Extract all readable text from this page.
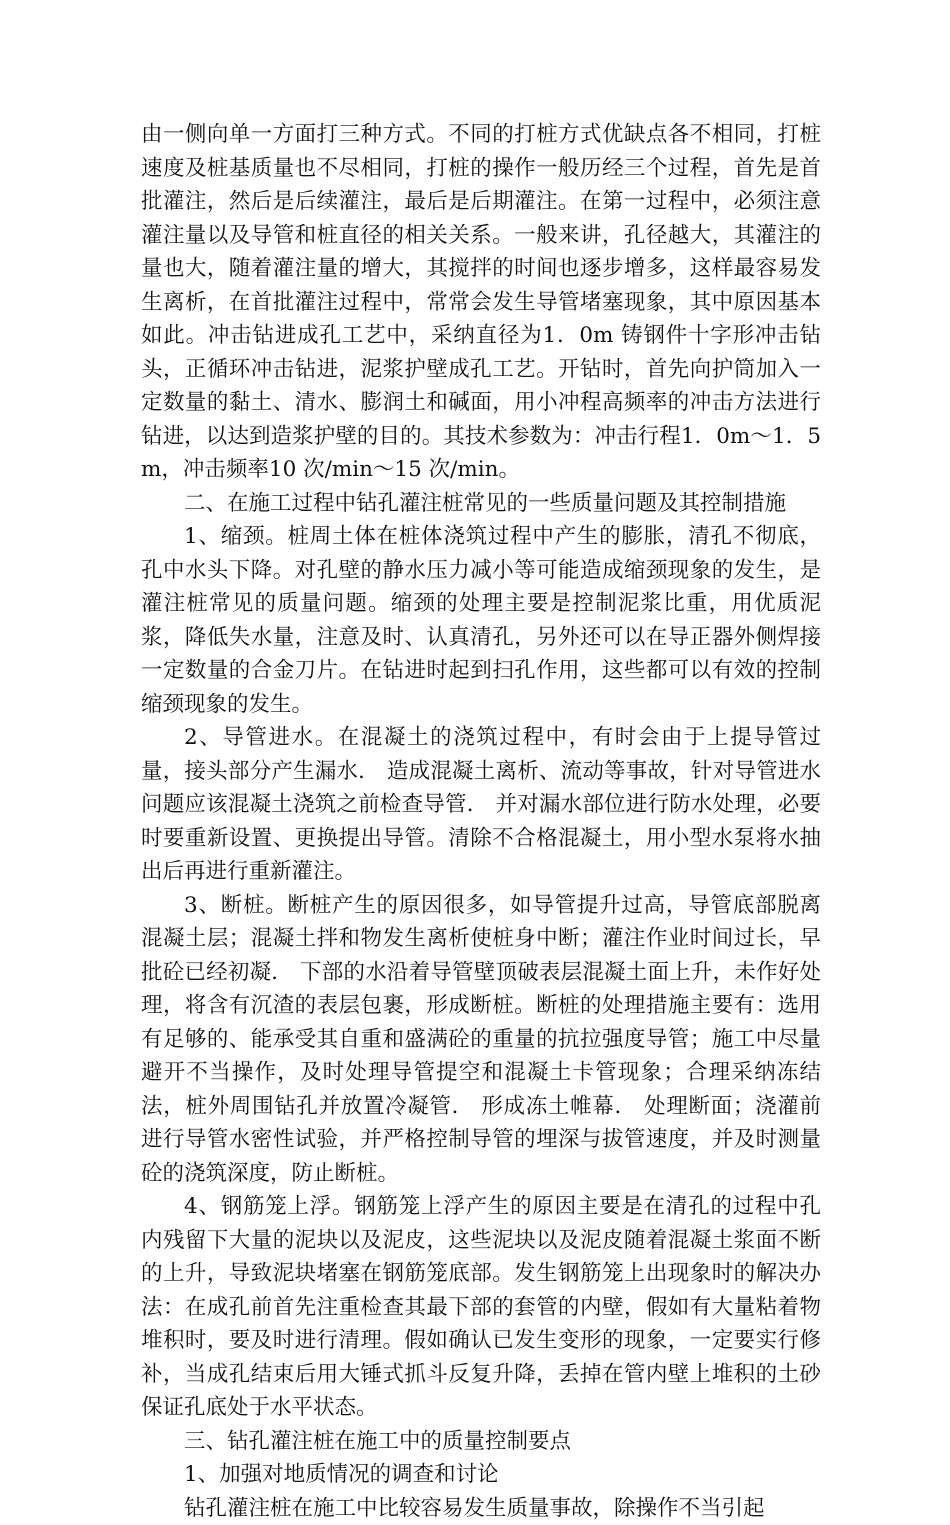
由一侧向单一方面打三种方式。不同的打桩方式优缺点各不相同，打桩速度及桩基质量也不尽相同，打桩的操作一般历经三个过程，首先是首批灌注，然后是后续灌注，最后是后期灌注。在第一过程中，必须注意灌注量以及导管和桩直径的相关关系。一般来讲，孔径越大，其灌注的量也大，随着灌注量的增大，其搅拌的时间也逐步增多，这样最容易发生离析，在首批灌注过程中，常常会发生导管堵塞现象，其中原因基本如此。冲击钻进成孔工艺中，采纳直径为1．0m 铸钢件十字形冲击钻头，正循环冲击钻进，泥浆护壁成孔工艺。开钻时，首先向护筒加入一定数量的黏土、清水、膨润土和碱面，用小冲程高频率的冲击方法进行钻进，以达到造浆护壁的目的。其技术参数为：冲击行程1．0m～1．5m，冲击频率10 次/min～15 次/min。

二、在施工过程中钻孔灌注桩常见的一些质量问题及其控制措施

1、缩颈。桩周土体在桩体浇筑过程中产生的膨胀，清孔不彻底，孔中水头下降。对孔壁的静水压力减小等可能造成缩颈现象的发生，是灌注桩常见的质量问题。缩颈的处理主要是控制泥浆比重，用优质泥浆，降低失水量，注意及时、认真清孔，另外还可以在导正器外侧焊接一定数量的合金刀片。在钻进时起到扫孔作用，这些都可以有效的控制缩颈现象的发生。

2、导管进水。在混凝土的浇筑过程中，有时会由于上提导管过量，接头部分产生漏水． 造成混凝土离析、流动等事故，针对导管进水问题应该混凝土浇筑之前检查导管． 并对漏水部位进行防水处理，必要时要重新设置、更换提出导管。清除不合格混凝土，用小型水泵将水抽出后再进行重新灌注。

3、断桩。断桩产生的原因很多，如导管提升过高，导管底部脱离混凝土层；混凝土拌和物发生离析使桩身中断；灌注作业时间过长，早批砼已经初凝． 下部的水沿着导管壁顶破表层混凝土面上升，未作好处理，将含有沉渣的表层包裹，形成断桩。断桩的处理措施主要有：选用有足够的、能承受其自重和盛满砼的重量的抗拉强度导管；施工中尽量避开不当操作，及时处理导管提空和混凝土卡管现象；合理采纳冻结法，桩外周围钻孔并放置冷凝管． 形成冻土帷幕． 处理断面；浇灌前进行导管水密性试验，并严格控制导管的埋深与拔管速度，并及时测量砼的浇筑深度，防止断桩。

4、钢筋笼上浮。钢筋笼上浮产生的原因主要是在清孔的过程中孔内残留下大量的泥块以及泥皮，这些泥块以及泥皮随着混凝土浆面不断的上升，导致泥块堵塞在钢筋笼底部。发生钢筋笼上出现象时的解决办法：在成孔前首先注重检查其最下部的套管的内壁，假如有大量粘着物堆积时，要及时进行清理。假如确认已发生变形的现象，一定要实行修补，当成孔结束后用大锤式抓斗反复升降，丢掉在管内壁上堆积的土砂保证孔底处于水平状态。

三、钻孔灌注桩在施工中的质量控制要点

1、加强对地质情况的调查和讨论

钻孔灌注桩在施工中比较容易发生质量事故，除操作不当引起
